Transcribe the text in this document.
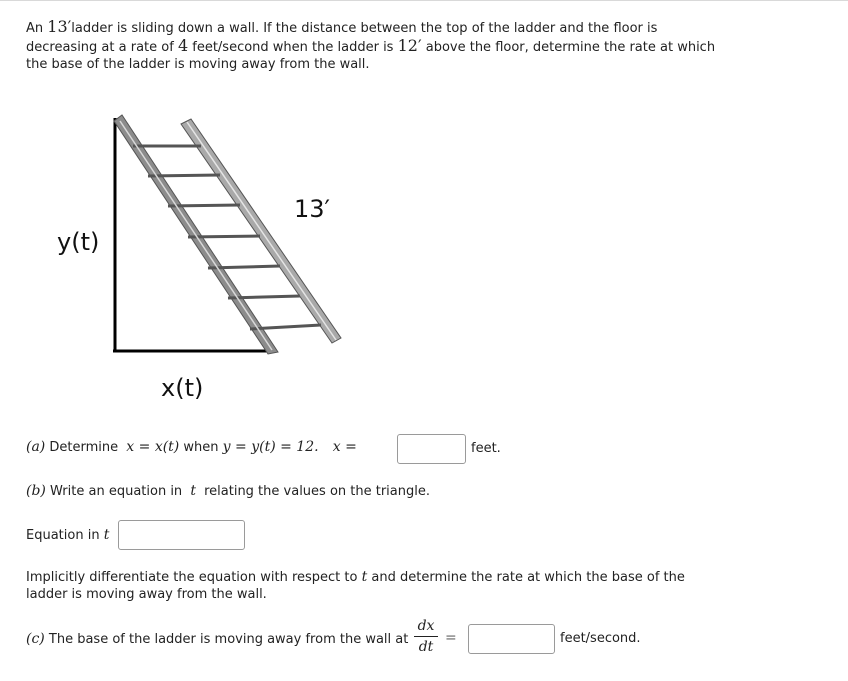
An 13′ladder is sliding down a wall. If the distance between the top of the ladder and the floor is decreasing at a rate of 4 feet/second when the ladder is 12′ above the floor, determine the rate at which the base of the ladder is moving away from the wall.
y(t)
x(t)
13′
(a) Determine x = x(t) when y = y(t) = 12. x =	feet.
(b) Write an equation in t relating the values on the triangle.
Equation in t
Implicitly differentiate the equation with respect to t and determine the rate at which the base of the ladder is moving away from the wall.
(c) The base of the ladder is moving away from the wall at
dx
dt
=	feet/second.
